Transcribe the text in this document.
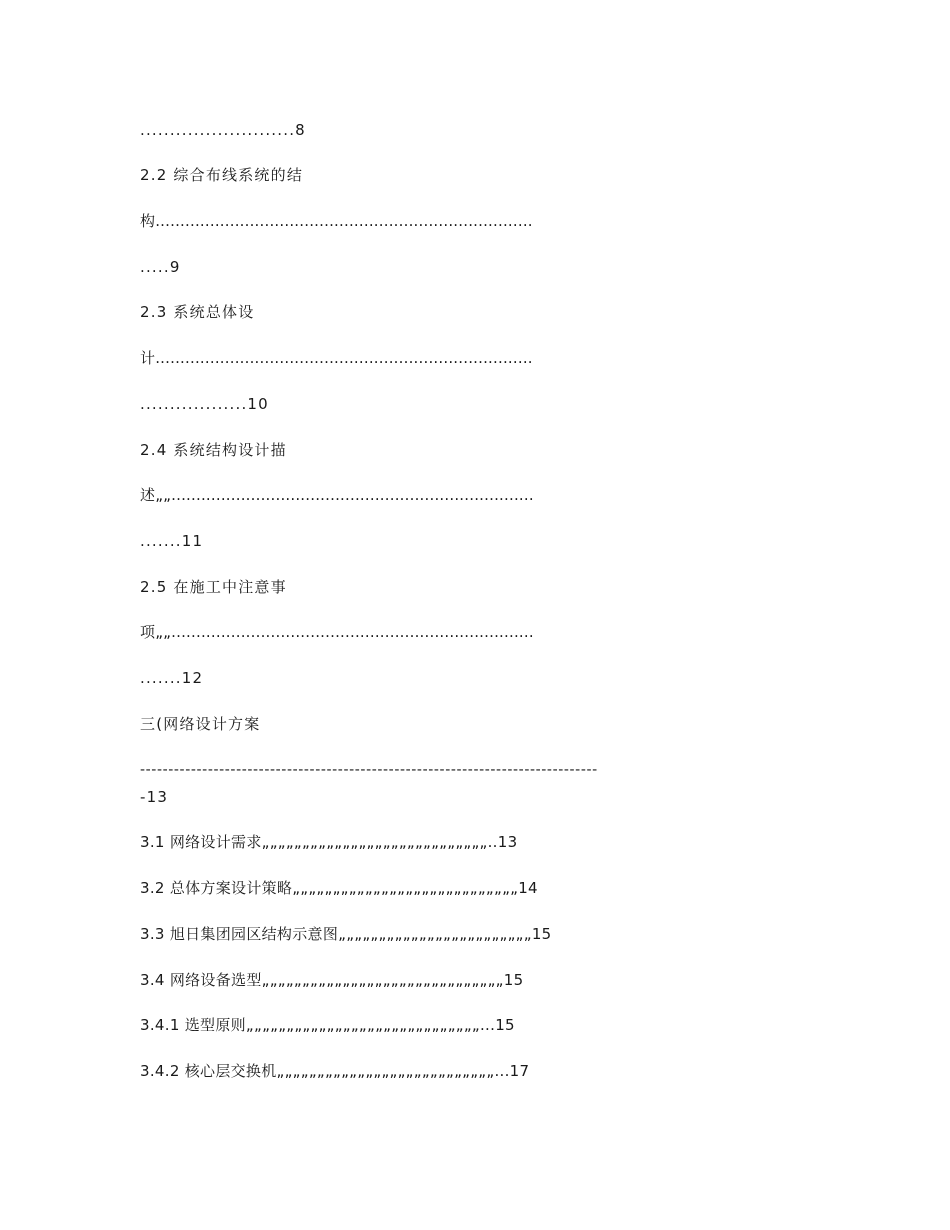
..........................8
2.2 综合布线系统的结
构............................................................................
.....9
2.3 系统总体设
计............................................................................
..................10
2.4 系统结构设计描
述„„.........................................................................
.......11
2.5 在施工中注意事
项„„.........................................................................
.......12
三(网络设计方案
---------------------------------------------------------------------------------
-13
3.1 网络设计需求„„„„„„„„„„„„„„„„„„„„„„„„„„„„..13
3.2 总体方案设计策略„„„„„„„„„„„„„„„„„„„„„„„„„„„„14
3.3 旭日集团园区结构示意图„„„„„„„„„„„„„„„„„„„„„„„„15
3.4 网络设备选型„„„„„„„„„„„„„„„„„„„„„„„„„„„„„„15
3.4.1 选型原则„„„„„„„„„„„„„„„„„„„„„„„„„„„„„...15
3.4.2 核心层交换机„„„„„„„„„„„„„„„„„„„„„„„„„„„...17
